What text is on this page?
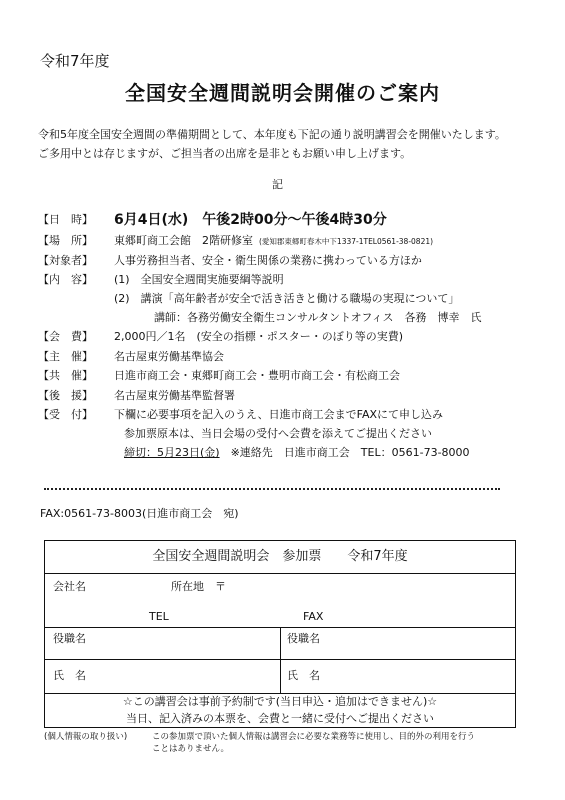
令和7年度
全国安全週間説明会開催のご案内
令和5年度全国安全週間の準備期間として、本年度も下記の通り説明講習会を開催いたします。
ご多用中とは存じますが、ご担当者の出席を是非ともお願い申し上げます。
記
【日　時】	6月4日(水)　午後2時00分～午後4時30分
【場　所】	東郷町商工会館　2階研修室 (愛知郡東郷町春木中下1337-1TEL0561-38-0821)
【対象者】	人事労務担当者、安全・衛生関係の業務に携わっている方ほか
【内　容】	(1)　全国安全週間実施要綱等説明
(2)　講演「高年齢者が安全で活き活きと働ける職場の実現について」
講師：各務労働安全衛生コンサルタントオフィス　各務　博幸　氏
【会　費】	2,000円／1名　(安全の指標・ポスター・のぼり等の実費)
【主　催】	名古屋東労働基準協会
【共　催】	日進市商工会・東郷町商工会・豊明市商工会・有松商工会
【後　援】	名古屋東労働基準監督署
【受　付】	下欄に必要事項を記入のうえ、日進市商工会までFAXにて申し込み
参加票原本は、当日会場の受付へ会費を添えてご提出ください
締切：5月23日(金)　 ※連絡先　日進市商工会　TEL：0561-73-8000
FAX:0561-73-8003(日進市商工会　宛)
全国安全週間説明会　参加票　　令和7年度
会社名	所在地　〒
TEL	FAX
役職名	役職名
氏　名	氏　名
☆この講習会は事前予約制です(当日申込・追加はできません)☆
当日、記入済みの本票を、会費と一緒に受付へご提出ください
(個人情報の取り扱い)	この参加票で頂いた個人情報は講習会に必要な業務等に使用し、目的外の利用を行う
ことはありません。
